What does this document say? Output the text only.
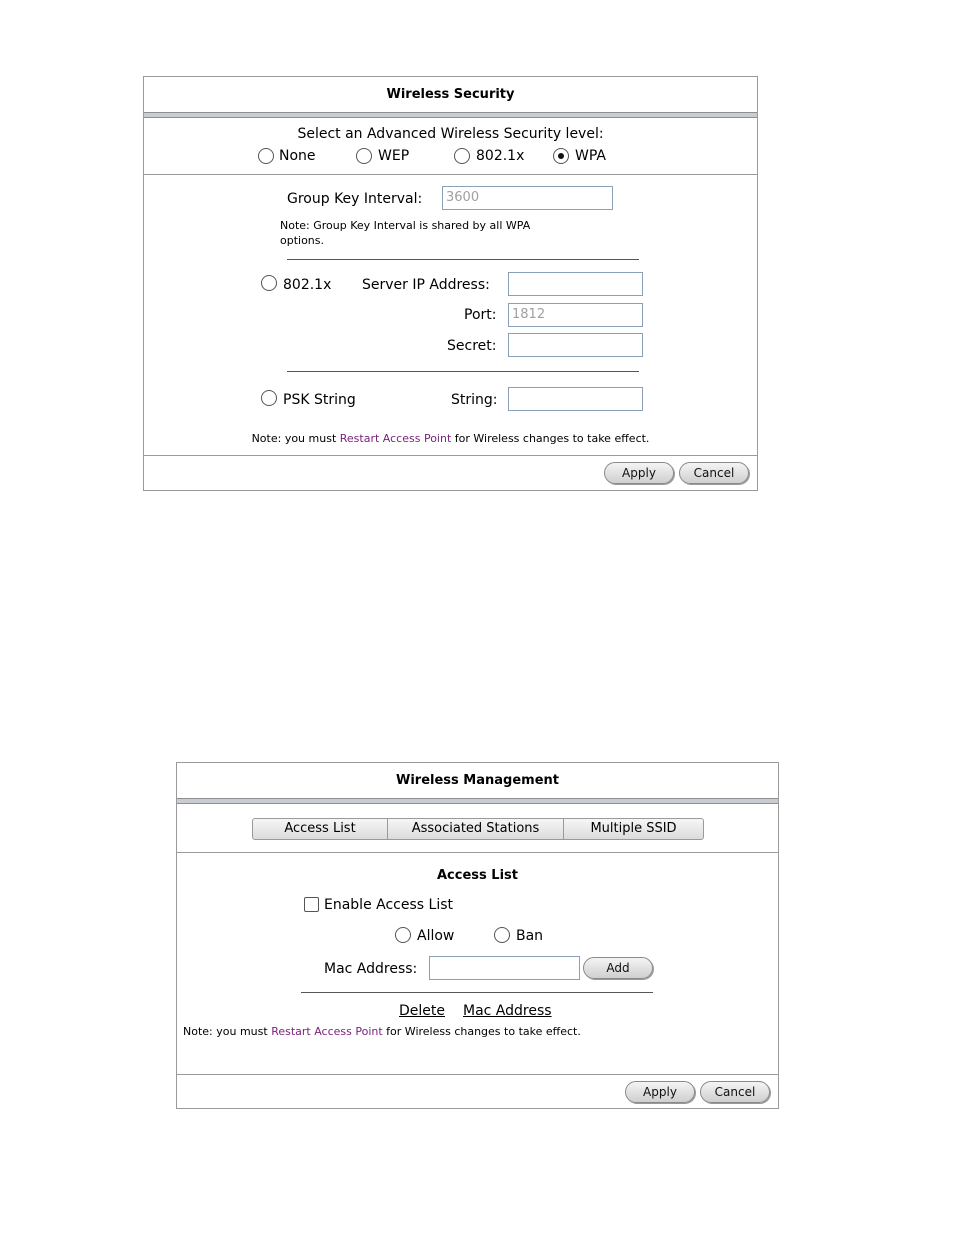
Wireless Security
Select an Advanced Wireless Security level:
None	WEP	802.1x	WPA
Group Key Interval:	3600
Note: Group Key Interval is shared by all WPA
options.
802.1x Server IP Address:
Port:	1812
Secret:
PSK String	String:
Note: you must Restart Access Point for Wireless changes to take effect.
Apply	Cancel
Wireless Management
Access List	Associated Stations	Multiple SSID
Access List
Enable Access List
Allow	Ban
Mac Address:	Add
Delete Mac Address
Note: you must Restart Access Point for Wireless changes to take effect.
Apply	Cancel
